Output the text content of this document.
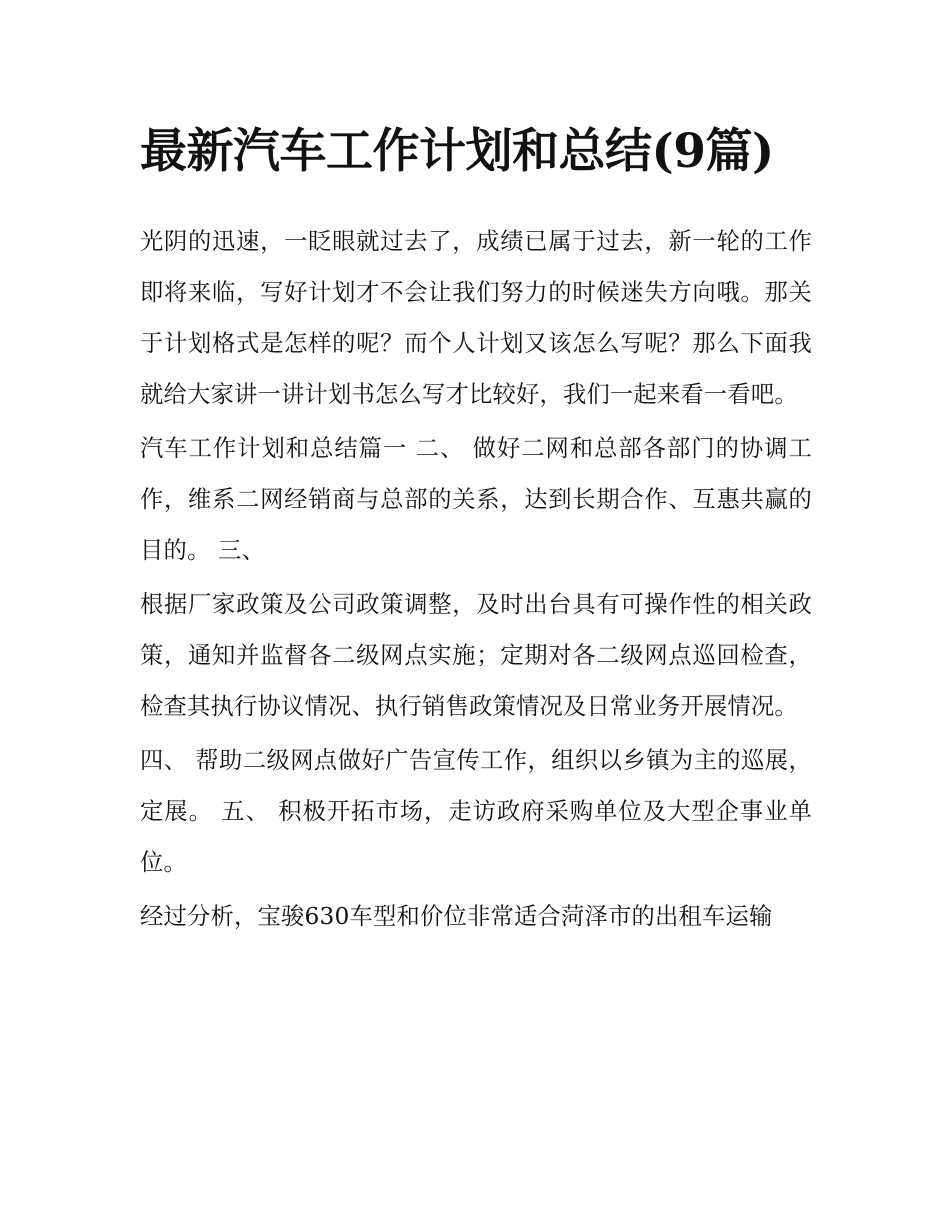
最新汽车工作计划和总结(9篇)

光阴的迅速，一眨眼就过去了，成绩已属于过去，新一轮的工作即将来临，写好计划才不会让我们努力的时候迷失方向哦。那关于计划格式是怎样的呢？而个人计划又该怎么写呢？那么下面我就给大家讲一讲计划书怎么写才比较好，我们一起来看一看吧。

汽车工作计划和总结篇一 二、 做好二网和总部各部门的协调工作，维系二网经销商与总部的关系，达到长期合作、互惠共赢的目的。 三、

根据厂家政策及公司政策调整，及时出台具有可操作性的相关政策，通知并监督各二级网点实施；定期对各二级网点巡回检查，检查其执行协议情况、执行销售政策情况及日常业务开展情况。

四、 帮助二级网点做好广告宣传工作，组织以乡镇为主的巡展，定展。 五、 积极开拓市场，走访政府采购单位及大型企事业单位。

经过分析，宝骏630车型和价位非常适合菏泽市的出租车运输
